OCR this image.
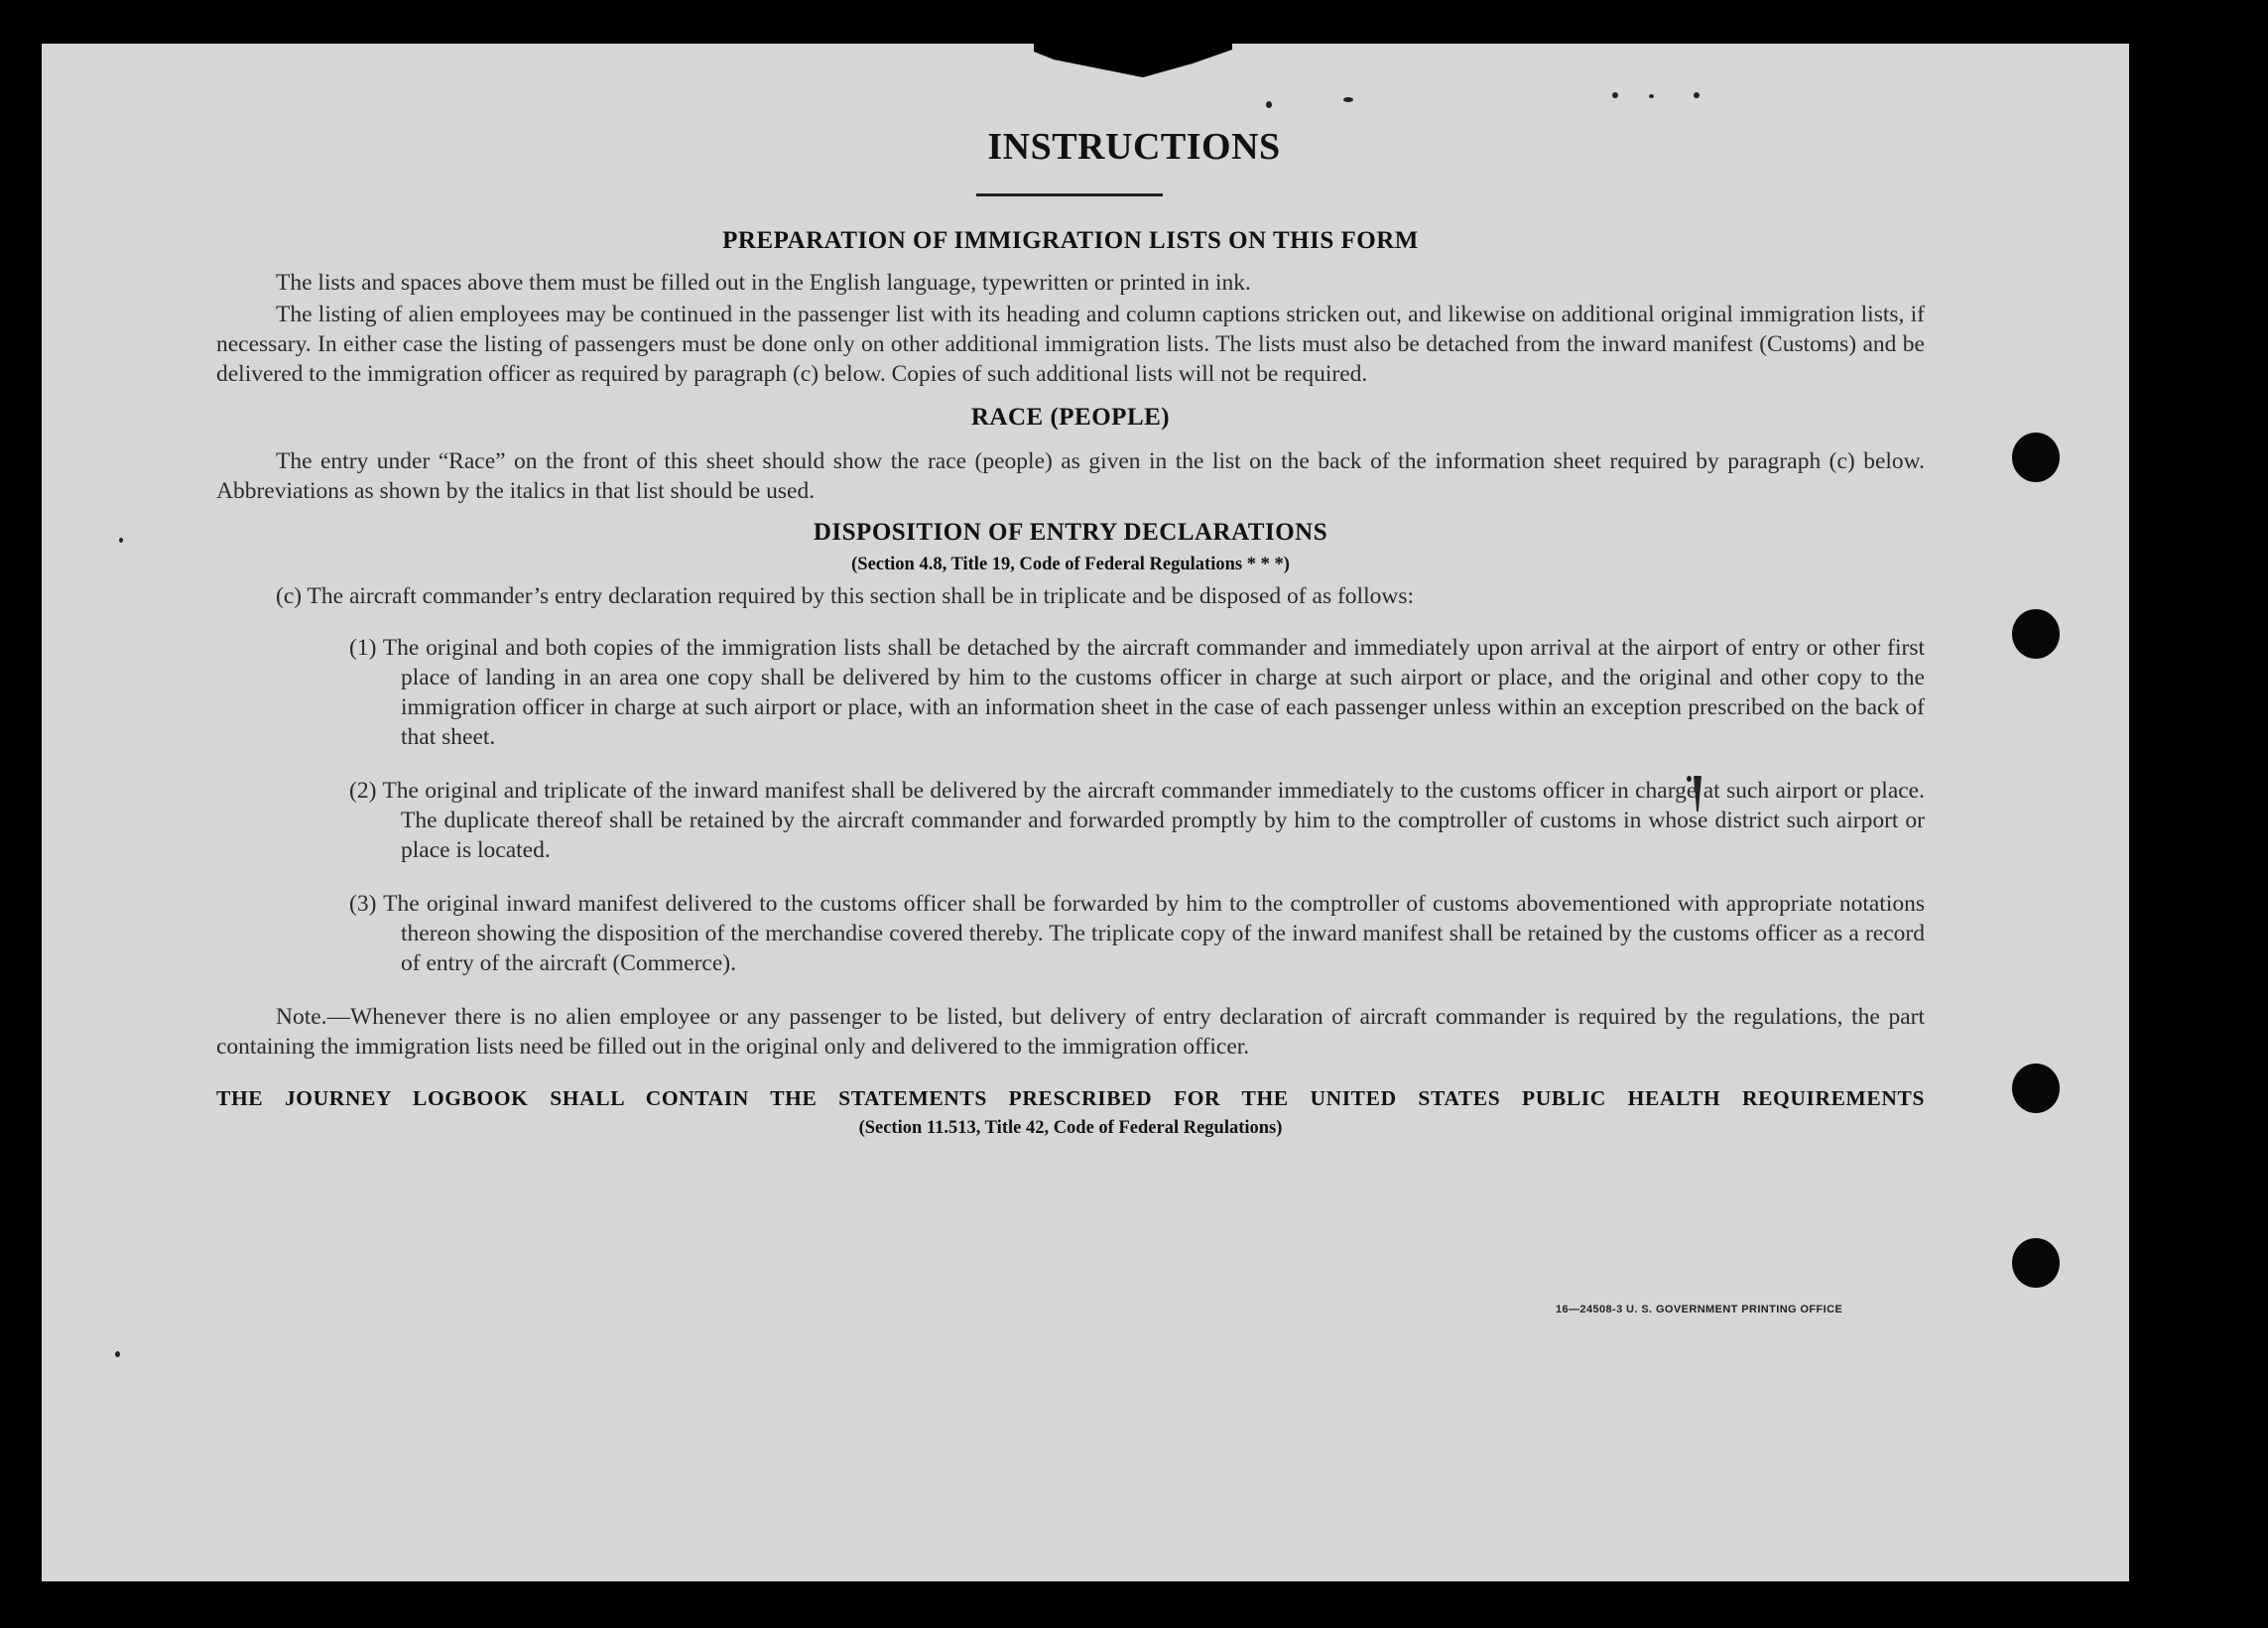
INSTRUCTIONS

PREPARATION OF IMMIGRATION LISTS ON THIS FORM

The lists and spaces above them must be filled out in the English language, typewritten or printed in ink.

The listing of alien employees may be continued in the passenger list with its heading and column captions stricken out, and likewise on additional original immigration lists, if necessary. In either case the listing of passengers must be done only on other additional immigration lists. The lists must also be detached from the inward manifest (Customs) and be delivered to the immigration officer as required by paragraph (c) below. Copies of such additional lists will not be required.

RACE (PEOPLE)

The entry under “Race” on the front of this sheet should show the race (people) as given in the list on the back of the information sheet required by paragraph (c) below. Abbreviations as shown by the italics in that list should be used.

DISPOSITION OF ENTRY DECLARATIONS

(Section 4.8, Title 19, Code of Federal Regulations * * *)

(c) The aircraft commander’s entry declaration required by this section shall be in triplicate and be disposed of as follows:

(1) The original and both copies of the immigration lists shall be detached by the aircraft commander and immediately upon arrival at the airport of entry or other first place of landing in an area one copy shall be delivered by him to the customs officer in charge at such airport or place, and the original and other copy to the immigration officer in charge at such airport or place, with an information sheet in the case of each passenger unless within an exception prescribed on the back of that sheet.

(2) The original and triplicate of the inward manifest shall be delivered by the aircraft commander immediately to the customs officer in charge at such airport or place. The duplicate thereof shall be retained by the aircraft commander and forwarded promptly by him to the comptroller of customs in whose district such airport or place is located.

(3) The original inward manifest delivered to the customs officer shall be forwarded by him to the comptroller of customs abovementioned with appropriate notations thereon showing the disposition of the merchandise covered thereby. The triplicate copy of the inward manifest shall be retained by the customs officer as a record of entry of the aircraft (Commerce).

Note.—Whenever there is no alien employee or any passenger to be listed, but delivery of entry declaration of aircraft commander is required by the regulations, the part containing the immigration lists need be filled out in the original only and delivered to the immigration officer.

THE JOURNEY LOGBOOK SHALL CONTAIN THE STATEMENTS PRESCRIBED FOR THE UNITED STATES PUBLIC HEALTH REQUIREMENTS

(Section 11.513, Title 42, Code of Federal Regulations)

16—24508-3 U. S. GOVERNMENT PRINTING OFFICE
